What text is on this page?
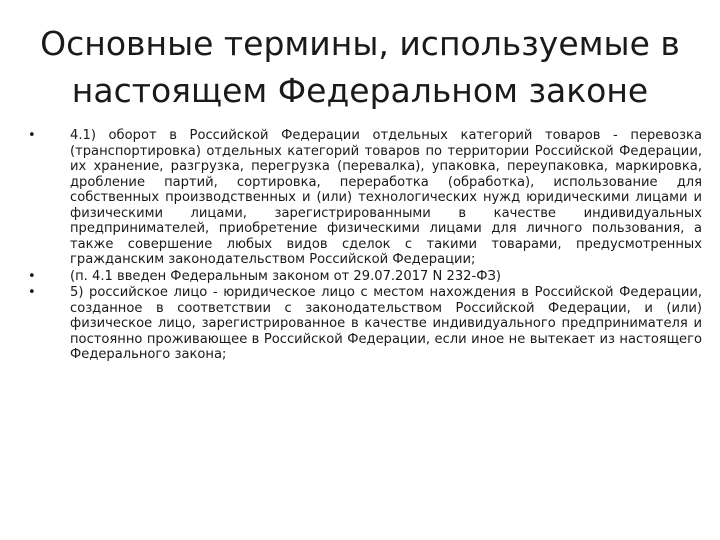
Основные термины, используемые в настоящем Федеральном законе
• 4.1) оборот в Российской Федерации отдельных категорий товаров - перевозка (транспортировка) отдельных категорий товаров по территории Российской Федерации, их хранение, разгрузка, перегрузка (перевалка), упаковка, переупаковка, маркировка, дробление партий, сортировка, переработка (обработка), использование для собственных производственных и (или) технологических нужд юридическими лицами и физическими лицами, зарегистрированными в качестве индивидуальных предпринимателей, приобретение физическими лицами для личного пользования, а также совершение любых видов сделок с такими товарами, предусмотренных гражданским законодательством Российской Федерации;
• (п. 4.1 введен Федеральным законом от 29.07.2017 N 232-ФЗ)
• 5) российское лицо - юридическое лицо с местом нахождения в Российской Федерации, созданное в соответствии с законодательством Российской Федерации, и (или) физическое лицо, зарегистрированное в качестве индивидуального предпринимателя и постоянно проживающее в Российской Федерации, если иное не вытекает из настоящего Федерального закона;
